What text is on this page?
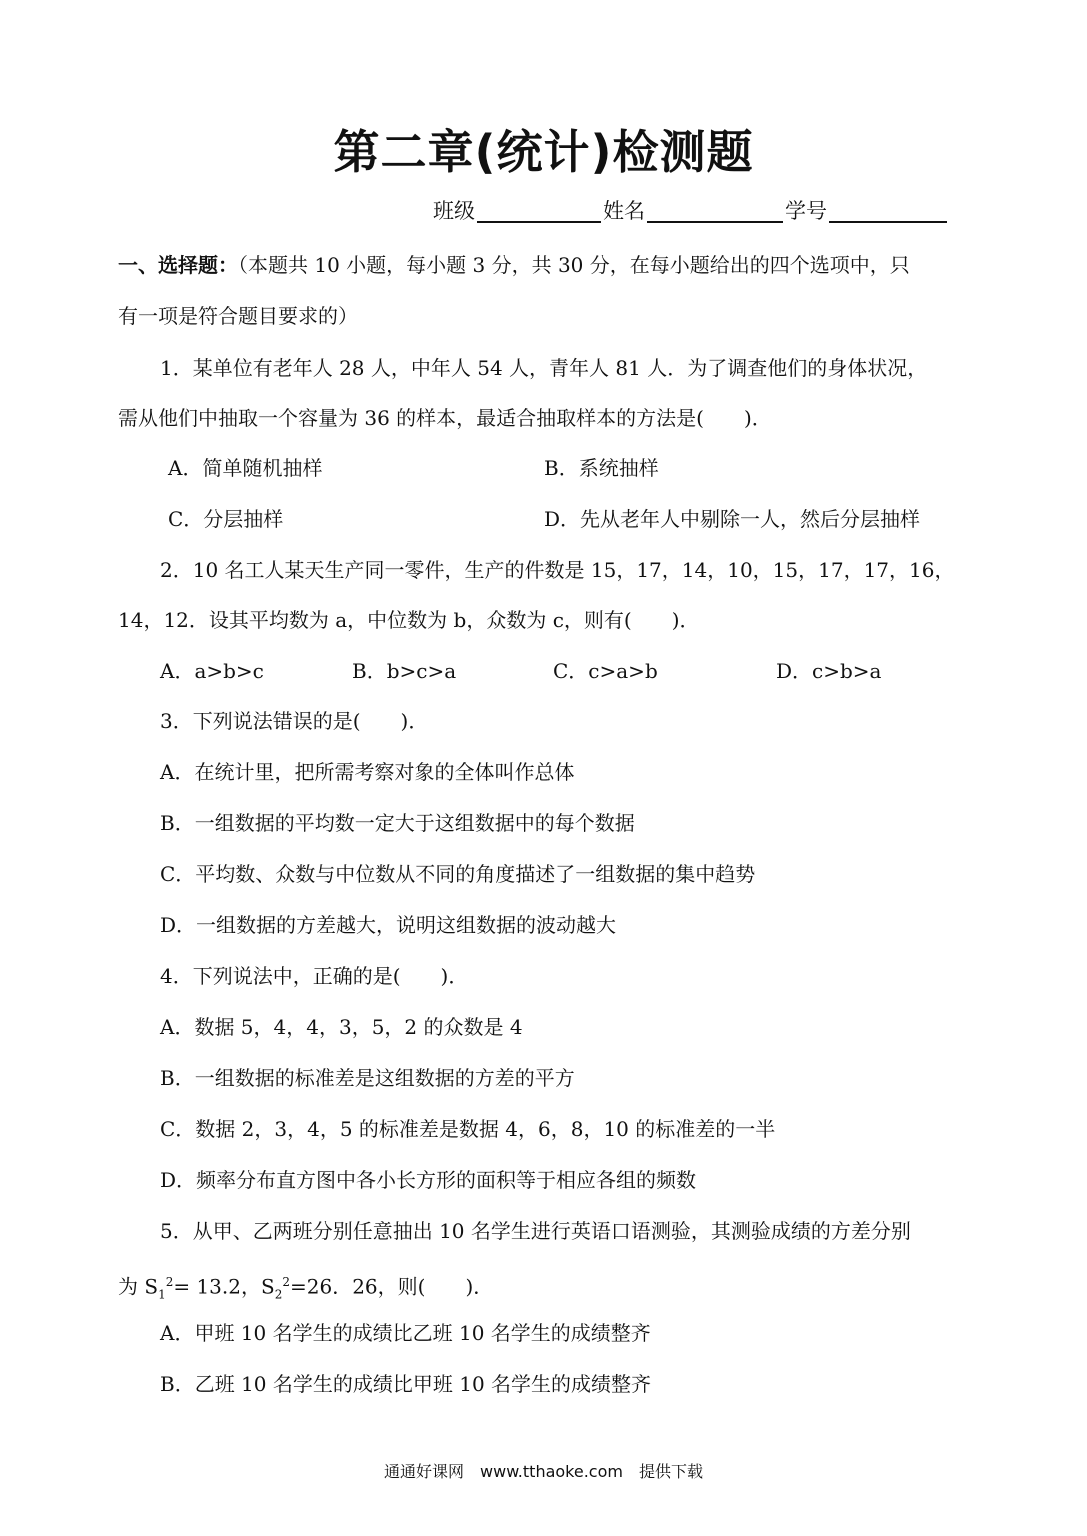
第二章(统计)检测题
班级	姓名	学号
一、选择题：（本题共 10 小题，每小题 3 分，共 30 分，在每小题给出的四个选项中，只
有一项是符合题目要求的）
1．某单位有老年人 28 人，中年人 54 人，青年人 81 人．为了调查他们的身体状况，
需从他们中抽取一个容量为 36 的样本，最适合抽取样本的方法是(　　)．
A．简单随机抽样	B．系统抽样
C．分层抽样	D．先从老年人中剔除一人，然后分层抽样
2．10 名工人某天生产同一零件，生产的件数是 15，17，14，10，15，17，17，16，
14，12．设其平均数为 a，中位数为 b，众数为 c，则有(　　)．
A．a>b>c	B．b>c>a	C．c>a>b	D．c>b>a
3．下列说法错误的是(　　)．
A．在统计里，把所需考察对象的全体叫作总体
B．一组数据的平均数一定大于这组数据中的每个数据
C．平均数、众数与中位数从不同的角度描述了一组数据的集中趋势
D．一组数据的方差越大，说明这组数据的波动越大
4．下列说法中，正确的是(　　)．
A．数据 5，4，4，3，5，2 的众数是 4
B．一组数据的标准差是这组数据的方差的平方
C．数据 2，3，4，5 的标准差是数据 4，6，8，10 的标准差的一半
D．频率分布直方图中各小长方形的面积等于相应各组的频数
5．从甲、乙两班分别任意抽出 10 名学生进行英语口语测验，其测验成绩的方差分别
为 $S_1^2= 13.2$，$S_2^2=26$．26，则(　　)．
A．甲班 10 名学生的成绩比乙班 10 名学生的成绩整齐
B．乙班 10 名学生的成绩比甲班 10 名学生的成绩整齐
通通好课网　www.tthaoke.com　提供下载
